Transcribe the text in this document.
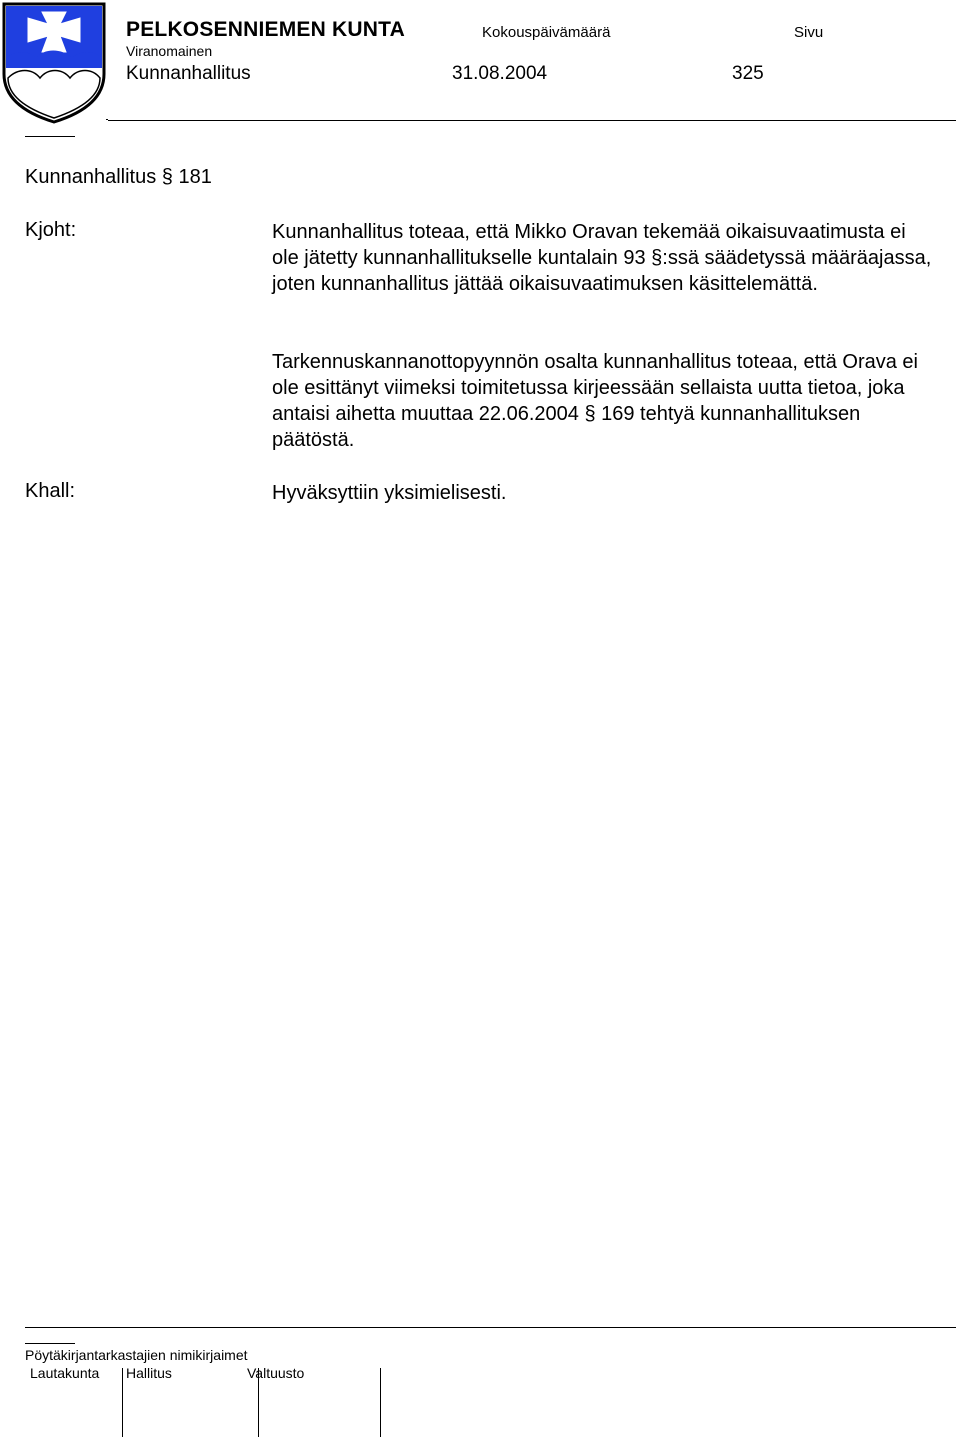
PELKOSENNIEMEN KUNTA	Kokouspäivämäärä	Sivu
Viranomainen
Kunnanhallitus	31.08.2004	325
Kunnanhallitus § 181
Kjoht:	Kunnanhallitus toteaa, että Mikko Oravan tekemää oikaisuvaatimusta ei ole jätetty kunnanhallitukselle kuntalain 93 §:ssä säädetyssä määräajassa, joten kunnanhallitus jättää oikaisuvaatimuksen käsittelemättä.
Tarkennuskannanottopyynnön osalta kunnanhallitus toteaa, että Orava ei ole esittänyt viimeksi toimitetussa kirjeessään sellaista uutta tietoa, joka antaisi aihetta muuttaa 22.06.2004 § 169 tehtyä kunnanhallituksen päätöstä.
Khall:	Hyväksyttiin yksimielisesti.
Pöytäkirjantarkastajien nimikirjaimet
Lautakunta Hallitus	Valtuusto
